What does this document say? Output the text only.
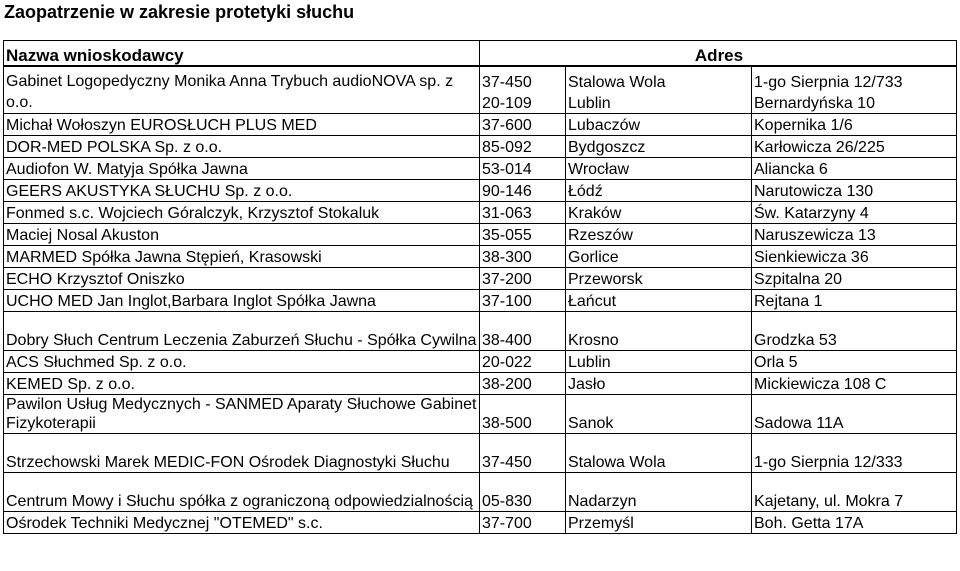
Zaopatrzenie w zakresie protetyki słuchu
Nazwa wnioskodawcy	Adres		
Gabinet Logopedyczny Monika Anna Trybuch audioNOVA sp. z o.o.	37-450	Stalowa Wola	1-go Sierpnia 12/733
	20-109	Lublin	Bernardyńska 10
Michał Wołoszyn EUROSŁUCH PLUS MED	37-600	Lubaczów	Kopernika 1/6
DOR-MED POLSKA Sp. z o.o.	85-092	Bydgoszcz	Karłowicza 26/225
Audiofon W. Matyja Spółka Jawna	53-014	Wrocław	Aliancka 6
GEERS AKUSTYKA SŁUCHU Sp. z o.o.	90-146	Łódź	Narutowicza 130
Fonmed s.c. Wojciech Góralczyk, Krzysztof Stokaluk	31-063	Kraków	Św. Katarzyny 4
Maciej Nosal Akuston	35-055	Rzeszów	Naruszewicza 13
MARMED Spółka Jawna Stępień, Krasowski	38-300	Gorlice	Sienkiewicza 36
ECHO Krzysztof Oniszko	37-200	Przeworsk	Szpitalna 20
UCHO MED Jan Inglot,Barbara Inglot Spółka Jawna	37-100	Łańcut	Rejtana 1
Dobry Słuch Centrum Leczenia Zaburzeń Słuchu - Spółka Cywilna	38-400	Krosno	Grodzka 53
ACS Słuchmed Sp. z o.o.	20-022	Lublin	Orla 5
KEMED Sp. z o.o.	38-200	Jasło	Mickiewicza 108 C
Pawilon Usług Medycznych - SANMED Aparaty Słuchowe Gabinet Fizykoterapii	38-500	Sanok	Sadowa 11A
Strzechowski Marek MEDIC-FON Ośrodek Diagnostyki Słuchu	37-450	Stalowa Wola	1-go Sierpnia 12/333
Centrum Mowy i Słuchu spółka z ograniczoną odpowiedzialnością	05-830	Nadarzyn	Kajetany, ul. Mokra 7
Ośrodek Techniki Medycznej "OTEMED" s.c.	37-700	Przemyśl	Boh. Getta 17A
